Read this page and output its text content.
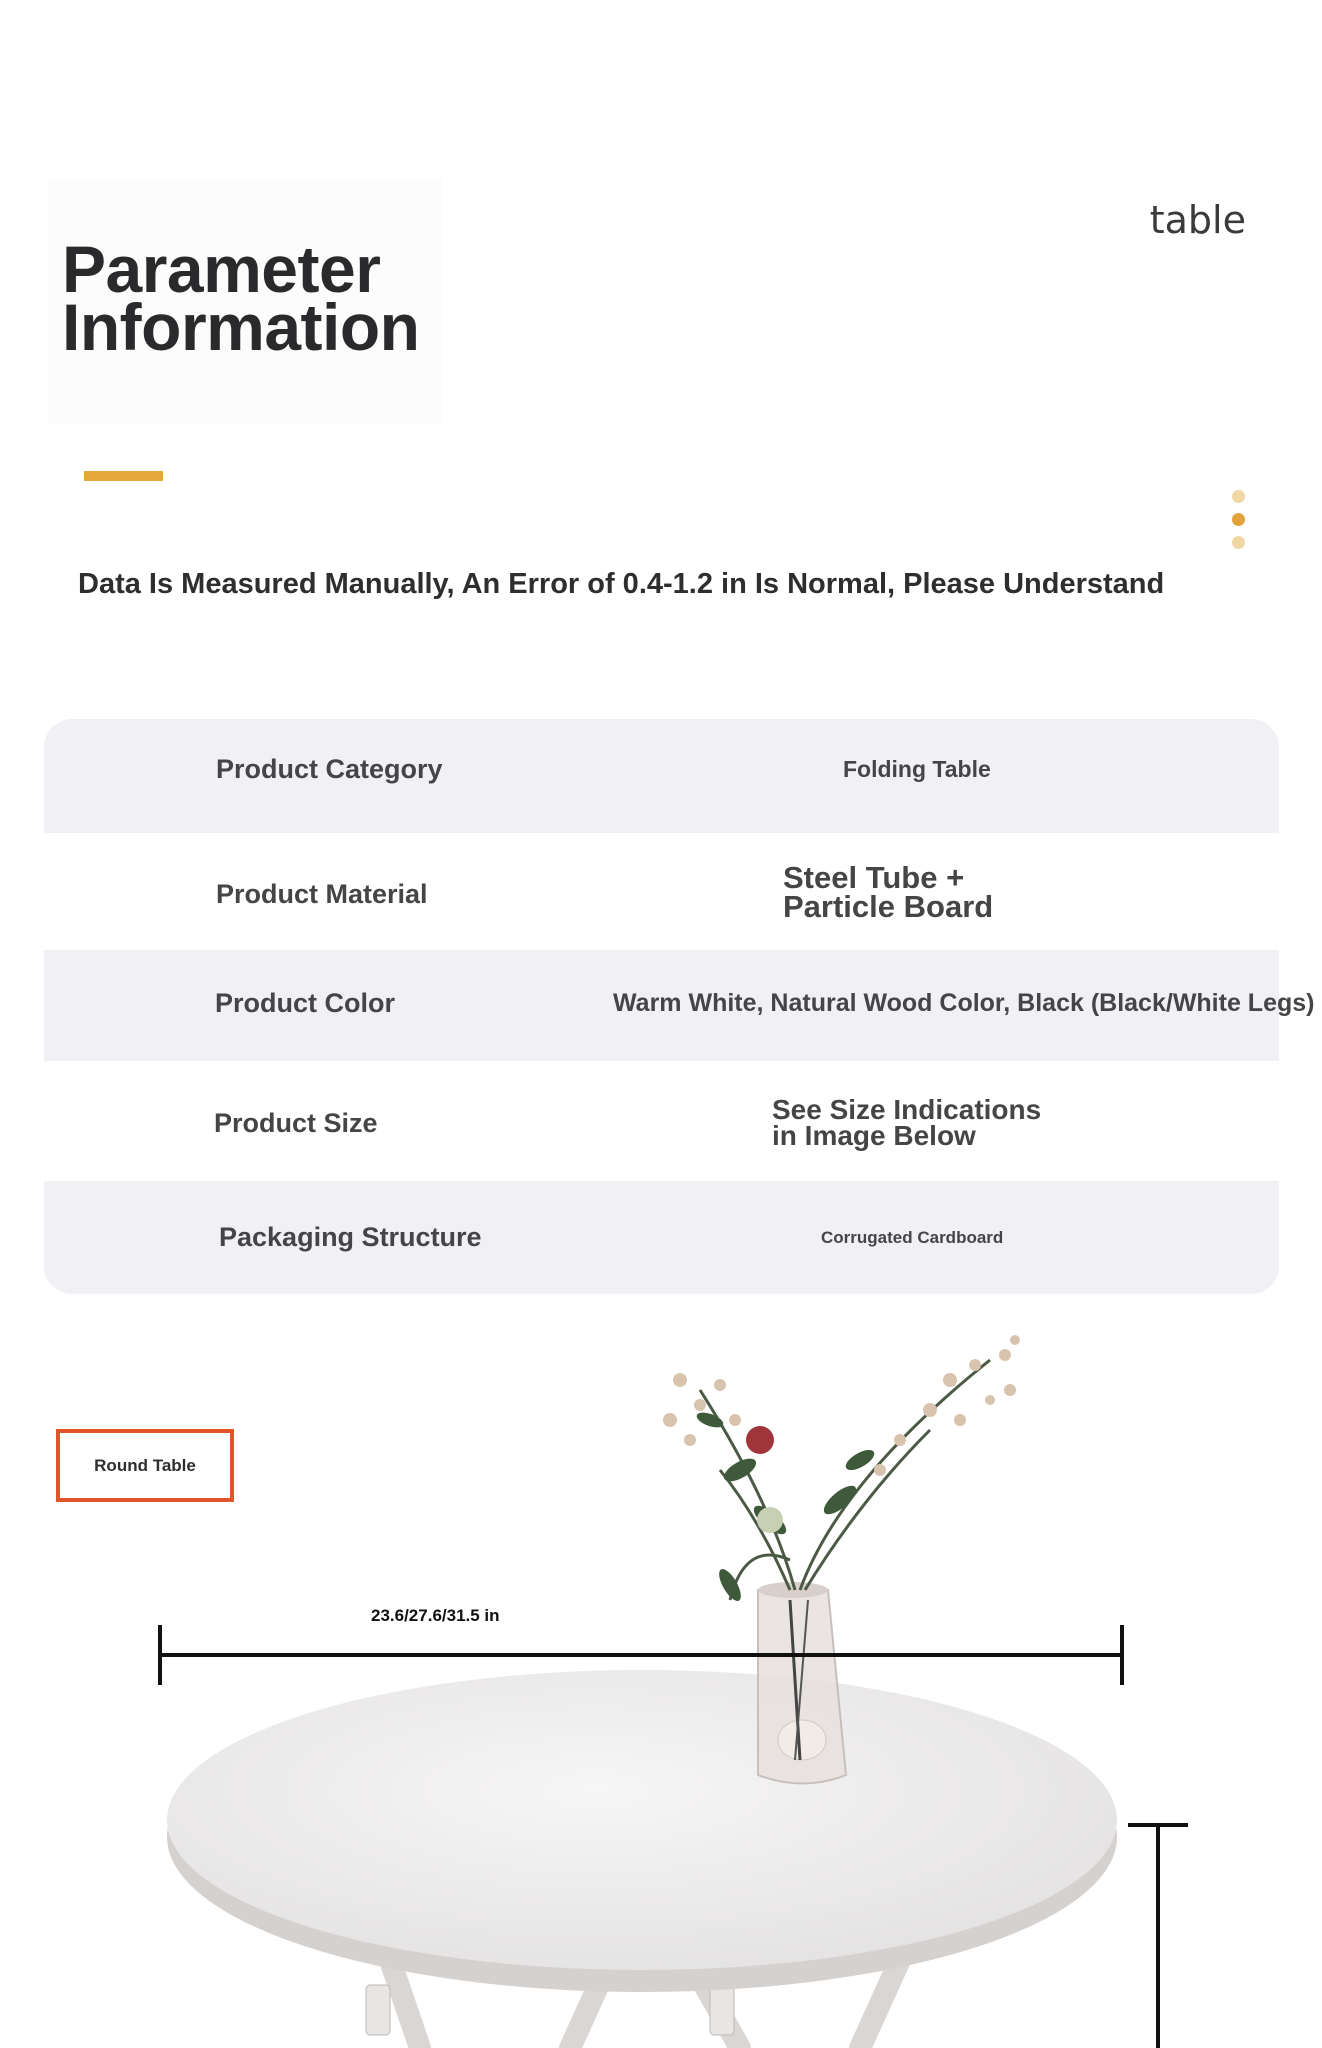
Parameter
Information
table
Data Is Measured Manually, An Error of 0.4-1.2 in Is Normal, Please Understand
Product Category	Folding Table
Product Material	Steel Tube +
Particle Board
Product Color	Warm White, Natural Wood Color, Black (Black/White Legs)
Product Size	See Size Indications
in Image Below
Packaging Structure	Corrugated Cardboard
Round Table
23.6/27.6/31.5 in
